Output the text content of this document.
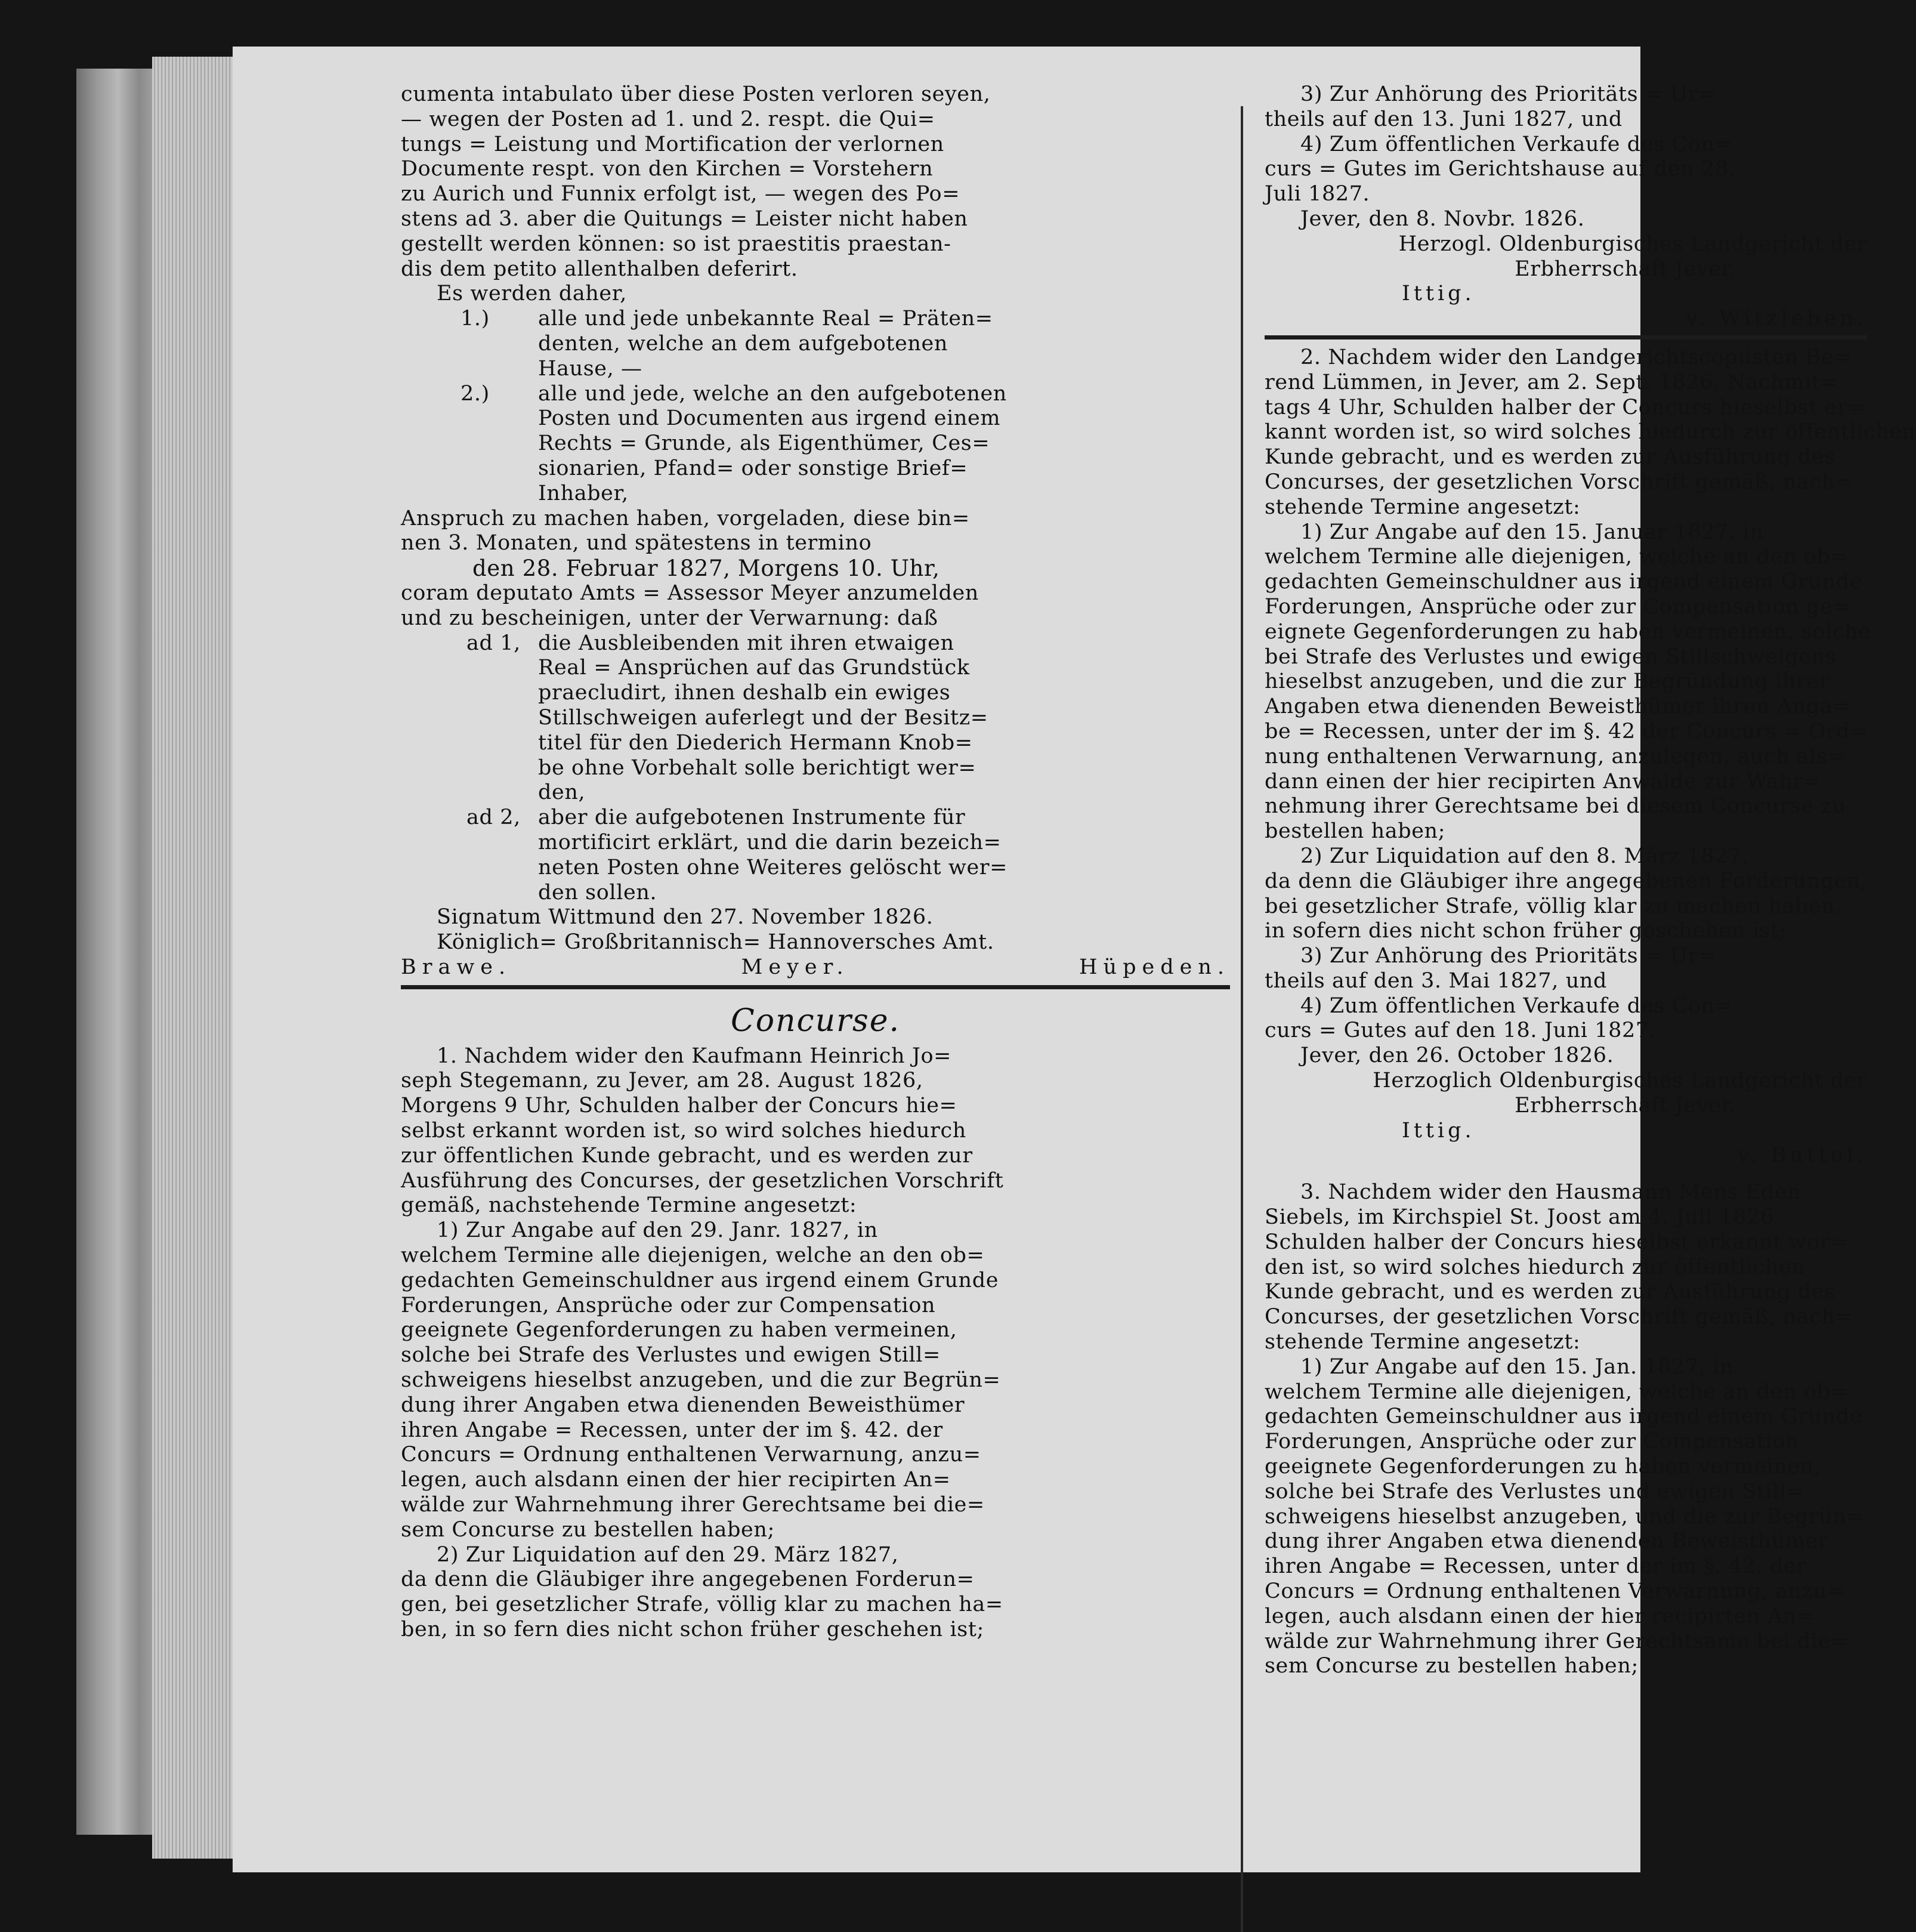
cumenta intabulato über diese Posten verloren seyen,
— wegen der Posten ad 1. und 2. respt. die Qui=
tungs = Leistung und Mortification der verlornen
Documente respt. von den Kirchen = Vorstehern
zu Aurich und Funnix erfolgt ist, — wegen des Po=
stens ad 3. aber die Quitungs = Leister nicht haben
gestellt werden können: so ist praestitis praestan-
dis dem petito allenthalben deferirt.
Es werden daher,
1.)	alle und jede unbekannte Real = Präten=
denten, welche an dem aufgebotenen
Hause, —
2.)	alle und jede, welche an den aufgebotenen
Posten und Documenten aus irgend einem
Rechts = Grunde, als Eigenthümer, Ces=
sionarien, Pfand= oder sonstige Brief=
Inhaber,
Anspruch zu machen haben, vorgeladen, diese bin=
nen 3. Monaten, und spätestens in termino
den 28. Februar 1827, Morgens 10. Uhr,
coram deputato Amts = Assessor Meyer anzumelden
und zu bescheinigen, unter der Verwarnung: daß
ad 1, die Ausbleibenden mit ihren etwaigen
Real = Ansprüchen auf das Grundstück
praecludirt, ihnen deshalb ein ewiges
Stillschweigen auferlegt und der Besitz=
titel für den Diederich Hermann Knob=
be ohne Vorbehalt solle berichtigt wer=
den,
ad 2, aber die aufgebotenen Instrumente für
mortificirt erklärt, und die darin bezeich=
neten Posten ohne Weiteres gelöscht wer=
den sollen.
Signatum Wittmund den 27. November 1826.
Königlich= Großbritannisch= Hannoversches Amt.
Brawe.	Meyer.	Hüpeden.
Concurse.
1. Nachdem wider den Kaufmann Heinrich Jo=
seph Stegemann, zu Jever, am 28. August 1826,
Morgens 9 Uhr, Schulden halber der Concurs hie=
selbst erkannt worden ist, so wird solches hiedurch
zur öffentlichen Kunde gebracht, und es werden zur
Ausführung des Concurses, der gesetzlichen Vorschrift
gemäß, nachstehende Termine angesetzt:
1) Zur Angabe auf den 29. Janr. 1827, in
welchem Termine alle diejenigen, welche an den ob=
gedachten Gemeinschuldner aus irgend einem Grunde
Forderungen, Ansprüche oder zur Compensation
geeignete Gegenforderungen zu haben vermeinen,
solche bei Strafe des Verlustes und ewigen Still=
schweigens hieselbst anzugeben, und die zur Begrün=
dung ihrer Angaben etwa dienenden Beweisthümer
ihren Angabe = Recessen, unter der im §. 42. der
Concurs = Ordnung enthaltenen Verwarnung, anzu=
legen, auch alsdann einen der hier recipirten An=
wälde zur Wahrnehmung ihrer Gerechtsame bei die=
sem Concurse zu bestellen haben;
2) Zur Liquidation auf den 29. März 1827,
da denn die Gläubiger ihre angegebenen Forderun=
gen, bei gesetzlicher Strafe, völlig klar zu machen ha=
ben, in so fern dies nicht schon früher geschehen ist;
3) Zur Anhörung des Prioritäts = Ur=
theils auf den 13. Juni 1827, und
4) Zum öffentlichen Verkaufe des Con=
curs = Gutes im Gerichtshause auf den 28.
Juli 1827.
Jever, den 8. Novbr. 1826.
Herzogl. Oldenburgisches Landgericht der
Erbherrschaft Jever.
Ittig.
v. Witzleben.
2. Nachdem wider den Landgerichtscopiisten Be=
rend Lümmen, in Jever, am 2. Sept. 1826, Nachmit=
tags 4 Uhr, Schulden halber der Concurs hieselbst er=
kannt worden ist, so wird solches hiedurch zur öffentlichen
Kunde gebracht, und es werden zur Ausführung des
Concurses, der gesetzlichen Vorschrift gemäß, nach=
stehende Termine angesetzt:
1) Zur Angabe auf den 15. Januar 1827, in
welchem Termine alle diejenigen, welche an den ob=
gedachten Gemeinschuldner aus irgend einem Grunde
Forderungen, Ansprüche oder zur Compensation ge=
eignete Gegenforderungen zu haben vermeinen, solche
bei Strafe des Verlustes und ewigen Stillschweigens
hieselbst anzugeben, und die zur Begründung ihrer
Angaben etwa dienenden Beweisthümer ihren Anga=
be = Recessen, unter der im §. 42 der Concurs = Ord=
nung enthaltenen Verwarnung, anzulegen, auch als=
dann einen der hier recipirten Anwälde zur Wahr=
nehmung ihrer Gerechtsame bei diesem Concurse zu
bestellen haben;
2) Zur Liquidation auf den 8. März 1827,
da denn die Gläubiger ihre angegebenen Forderungen,
bei gesetzlicher Strafe, völlig klar zu machen haben,
in sofern dies nicht schon früher geschehen ist;
3) Zur Anhörung des Prioritäts = Ur=
theils auf den 3. Mai 1827, und
4) Zum öffentlichen Verkaufe des Con=
curs = Gutes auf den 18. Juni 1827.
Jever, den 26. October 1826.
Herzoglich Oldenburgisches Landgericht der
Erbherrschaft Jever.
Ittig.
v. Buttel.
3. Nachdem wider den Hausmann Mens Eden
Siebels, im Kirchspiel St. Joost am 4. Juli 1826
Schulden halber der Concurs hieselbst erkannt wor=
den ist, so wird solches hiedurch zur öffentlichen
Kunde gebracht, und es werden zur Ausführung des
Concurses, der gesetzlichen Vorschrift gemäß, nach=
stehende Termine angesetzt:
1) Zur Angabe auf den 15. Jan. 1827, in
welchem Termine alle diejenigen, welche an den ob=
gedachten Gemeinschuldner aus irgend einem Grunde
Forderungen, Ansprüche oder zur Compensation
geeignete Gegenforderungen zu haben vermeinen,
solche bei Strafe des Verlustes und ewigen Still=
schweigens hieselbst anzugeben, und die zur Begrün=
dung ihrer Angaben etwa dienenden Beweisthümer
ihren Angabe = Recessen, unter der im §. 42. der
Concurs = Ordnung enthaltenen Verwarnung, anzu=
legen, auch alsdann einen der hier recipirten An=
wälde zur Wahrnehmung ihrer Gerechtsame bei die=
sem Concurse zu bestellen haben;
